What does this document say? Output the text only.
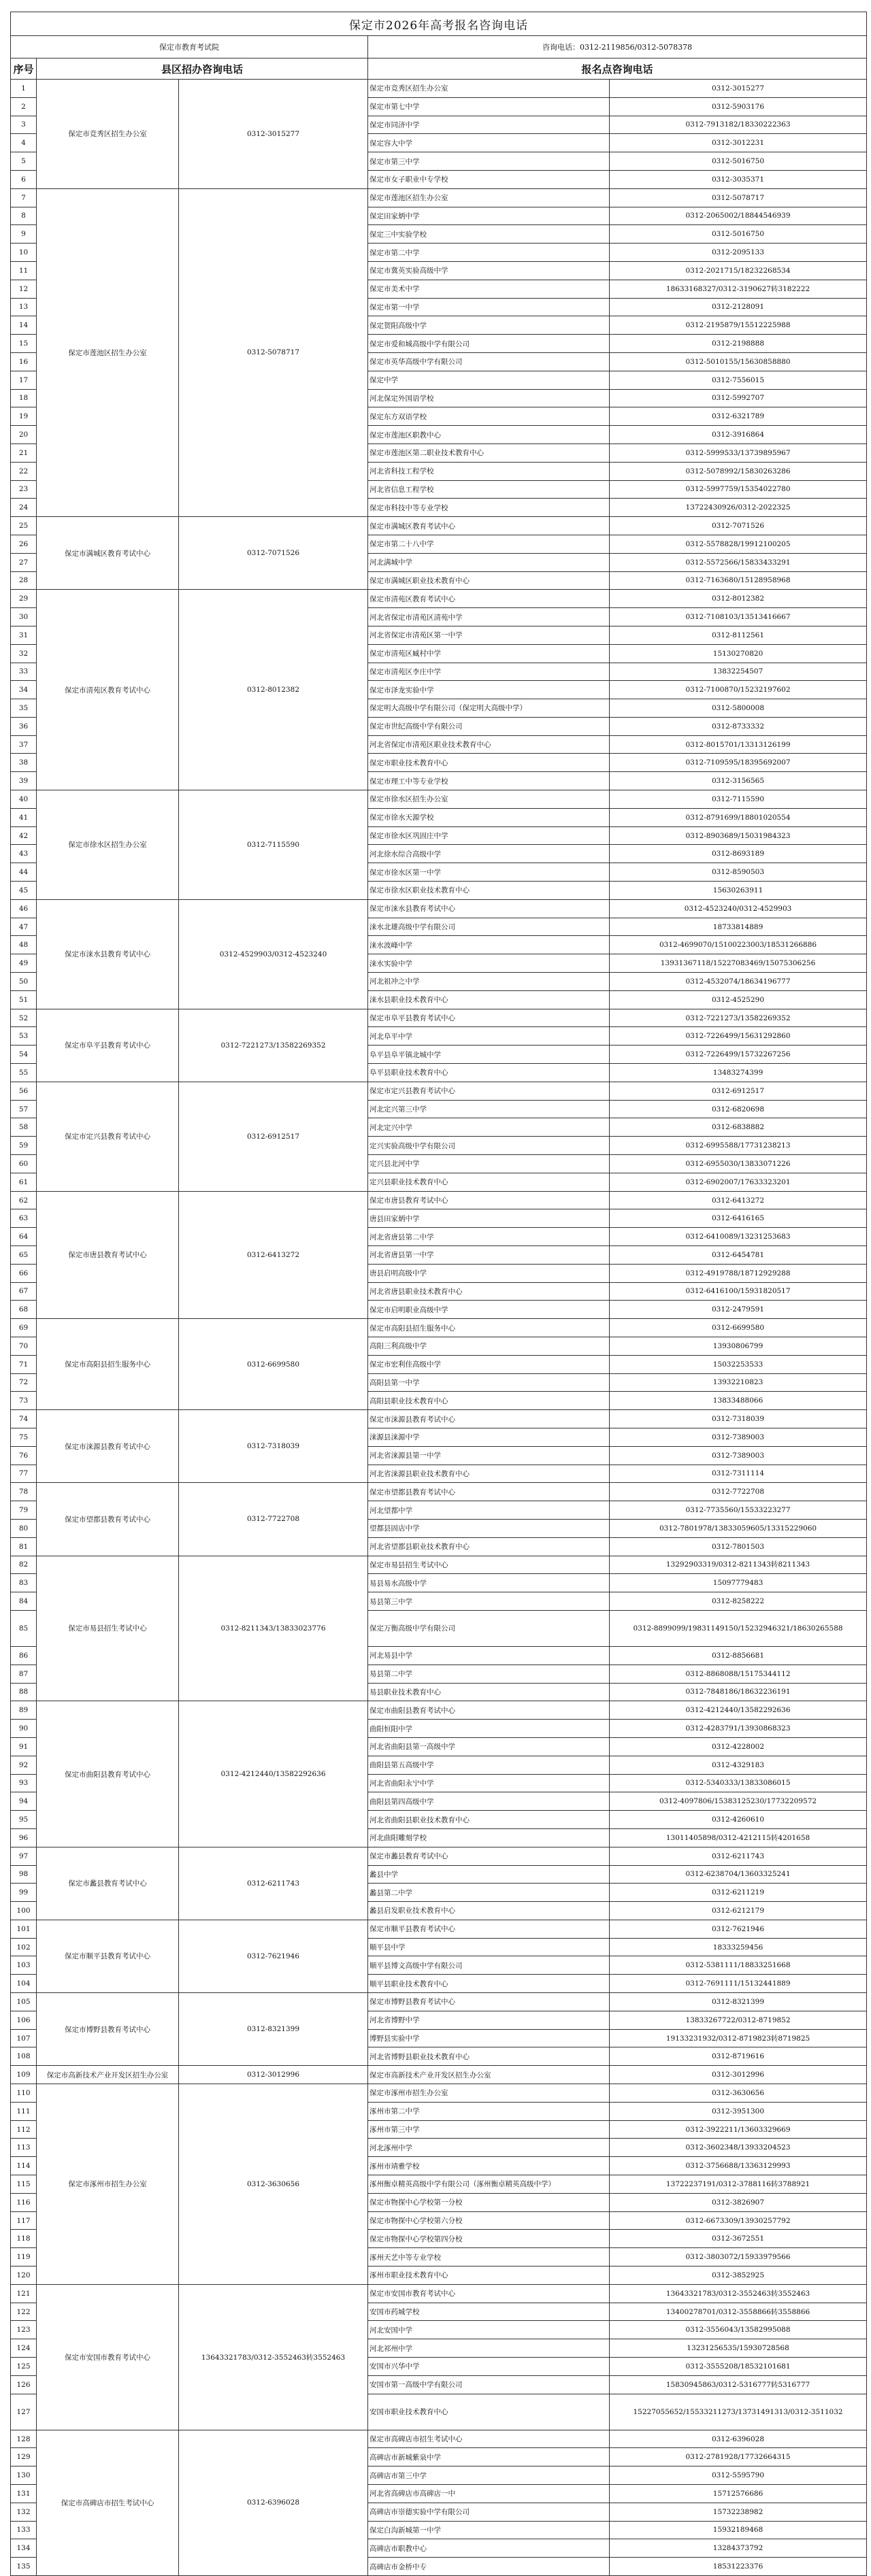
保定市2026年高考报名咨询电话				
保定市教育考试院			咨询电话：0312-2119856/0312-5078378	
序号	县区招办咨询电话		报名点咨询电话	
1	保定市竞秀区招生办公室	0312-3015277	保定市竞秀区招生办公室	0312-3015277
2			保定市第七中学	0312-5903176
3			保定市同济中学	0312-7913182/18330222363
4			保定容大中学	0312-3012231
5			保定市第三中学	0312-5016750
6			保定市女子职业中专学校	0312-3035371
7	保定市莲池区招生办公室	0312-5078717	保定市莲池区招生办公室	0312-5078717
8			保定田家炳中学	0312-2065002/18844546939
9			保定三中实验学校	0312-5016750
10			保定市第二中学	0312-2095133
11			保定市冀英实验高级中学	0312-2021715/18232268534
12			保定市美术中学	18633168327/0312-3190627转3182222
13			保定市第一中学	0312-2128091
14			保定贺阳高级中学	0312-2195879/15512225988
15			保定市爱和城高级中学有限公司	0312-2198888
16			保定市英华高级中学有限公司	0312-5010155/15630858880
17			保定中学	0312-7556015
18			河北保定外国语学校	0312-5992707
19			保定东方双语学校	0312-6321789
20			保定市莲池区职教中心	0312-3916864
21			保定市莲池区第二职业技术教育中心	0312-5999533/13739895967
22			河北省科技工程学校	0312-5078992/15830263286
23			河北省信息工程学校	0312-5997759/15354022780
24			保定市科技中等专业学校	13722430926/0312-2022325
25	保定市满城区教育考试中心	0312-7071526	保定市满城区教育考试中心	0312-7071526
26			保定市第二十八中学	0312-5578828/19912100205
27			河北满城中学	0312-5572566/15833433291
28			保定市满城区职业技术教育中心	0312-7163680/15128958968
29	保定市清苑区教育考试中心	0312-8012382	保定市清苑区教育考试中心	0312-8012382
30			河北省保定市清苑区清苑中学	0312-7108103/13513416667
31			河北省保定市清苑区第一中学	0312-8112561
32			保定市清苑区臧村中学	15130270820
33			保定市清苑区李庄中学	13832254507
34			保定市泽龙实验中学	0312-7100870/15232197602
35			保定明大高级中学有限公司（保定明大高级中学）	0312-5800008
36			保定市世纪高级中学有限公司	0312-8733332
37			河北省保定市清苑区职业技术教育中心	0312-8015701/13313126199
38			保定市职业技术教育中心	0312-7109595/18395692007
39			保定市理工中等专业学校	0312-3156565
40	保定市徐水区招生办公室	0312-7115590	保定市徐水区招生办公室	0312-7115590
41			保定市徐水天源学校	0312-8791699/18801020554
42			保定市徐水区巩固庄中学	0312-8903689/15031984323
43			河北徐水综合高级中学	0312-8693189
44			保定市徐水区第一中学	0312-8590503
45			保定市徐水区职业技术教育中心	15630263911
46	保定市涞水县教育考试中心	0312-4529903/0312-4523240	保定市涞水县教育考试中心	0312-4523240/0312-4529903
47			涞水北雄高级中学有限公司	18733814889
48			涞水波峰中学	0312-4699070/15100223003/18531266886
49			涞水实验中学	13931367118/15227083469/15075306256
50			河北祖冲之中学	0312-4532074/18634196777
51			涞水县职业技术教育中心	0312-4525290
52	保定市阜平县教育考试中心	0312-7221273/13582269352	保定市阜平县教育考试中心	0312-7221273/13582269352
53			河北阜平中学	0312-7226499/15631292860
54			阜平县阜平镇北城中学	0312-7226499/15732267256
55			阜平县职业技术教育中心	13483274399
56	保定市定兴县教育考试中心	0312-6912517	保定市定兴县教育考试中心	0312-6912517
57			河北定兴第三中学	0312-6820698
58			河北定兴中学	0312-6838882
59			定兴实验高级中学有限公司	0312-6995588/17731238213
60			定兴县北河中学	0312-6955030/13833071226
61			定兴县职业技术教育中心	0312-6902007/17633323201
62	保定市唐县教育考试中心	0312-6413272	保定市唐县教育考试中心	0312-6413272
63			唐县田家炳中学	0312-6416165
64			河北省唐县第二中学	0312-6410089/13231253683
65			河北省唐县第一中学	0312-6454781
66			唐县启明高级中学	0312-4919788/18712929288
67			河北省唐县职业技术教育中心	0312-6416100/15931820517
68			保定市启明职业高级中学	0312-2479591
69	保定市高阳县招生服务中心	0312-6699580	保定市高阳县招生服务中心	0312-6699580
70			高阳三利高级中学	13930806799
71			保定市宏利佳高级中学	15032253533
72			高阳县第一中学	13932210823
73			高阳县职业技术教育中心	13833488066
74	保定市涞源县教育考试中心	0312-7318039	保定市涞源县教育考试中心	0312-7318039
75			涞源县涞源中学	0312-7389003
76			河北省涞源县第一中学	0312-7389003
77			河北省涞源县职业技术教育中心	0312-7311114
78	保定市望都县教育考试中心	0312-7722708	保定市望都县教育考试中心	0312-7722708
79			河北望都中学	0312-7735560/15533223277
80			望都县固店中学	0312-7801978/13833059605/13315229060
81			河北省望都县职业技术教育中心	0312-7801503
82	保定市易县招生考试中心	0312-8211343/13833023776	保定市易县招生考试中心	13292903319/0312-8211343转8211343
83			易县易水高级中学	15097779483
84			易县第三中学	0312-8258222
85			保定万衡高级中学有限公司	0312-8899099/19831149150/15232946321/18630265588
86			河北易县中学	0312-8856681
87			易县第二中学	0312-8868088/15175344112
88			易县职业技术教育中心	0312-7848186/18632236191
89	保定市曲阳县教育考试中心	0312-4212440/13582292636	保定市曲阳县教育考试中心	0312-4212440/13582292636
90			曲阳恒阳中学	0312-4283791/13930868323
91			河北省曲阳县第一高级中学	0312-4228002
92			曲阳县第五高级中学	0312-4329183
93			河北省曲阳永宁中学	0312-5340333/13833086015
94			曲阳县第四高级中学	0312-4097806/15383125230/17732209572
95			河北省曲阳县职业技术教育中心	0312-4260610
96			河北曲阳雕刻学校	13011405898/0312-4212115转4201658
97	保定市蠡县教育考试中心	0312-6211743	保定市蠡县教育考试中心	0312-6211743
98			蠡县中学	0312-6238704/13603325241
99			蠡县第二中学	0312-6211219
100			蠡县启发职业技术教育中心	0312-6212179
101	保定市顺平县教育考试中心	0312-7621946	保定市顺平县教育考试中心	0312-7621946
102			顺平县中学	18333259456
103			顺平县博文高级中学有限公司	0312-5381111/18833251668
104			顺平县职业技术教育中心	0312-7691111/15132441889
105	保定市博野县教育考试中心	0312-8321399	保定市博野县教育考试中心	0312-8321399
106			河北省博野中学	13833267722/0312-8719852
107			博野县实验中学	19133231932/0312-8719823转8719825
108			河北省博野县职业技术教育中心	0312-8719616
109	保定市高新技术产业开发区招生办公室	0312-3012996	保定市高新技术产业开发区招生办公室	0312-3012996
110	保定市涿州市招生办公室	0312-3630656	保定市涿州市招生办公室	0312-3630656
111			涿州市第二中学	0312-3951300
112			涿州市第三中学	0312-3922211/13603329669
113			河北涿州中学	0312-3602348/13933204523
114			涿州市靖雅学校	0312-3756688/13363129993
115			涿州衡卓精英高级中学有限公司（涿州衡卓精英高级中学）	13722237191/0312-3788116转3788921
116			保定市物探中心学校第一分校	0312-3826907
117			保定市物探中心学校第六分校	0312-6673309/13930257792
118			保定市物探中心学校第四分校	0312-3672551
119			涿州天艺中等专业学校	0312-3803072/15933979566
120			涿州市职业技术教育中心	0312-3852925
121	保定市安国市教育考试中心	13643321783/0312-3552463转3552463	保定市安国市教育考试中心	13643321783/0312-3552463转3552463
122			安国市药城学校	13400278701/0312-3558866转3558866
123			河北安国中学	0312-3556043/13582995088
124			河北祁州中学	13231256535/15930728568
125			安国市兴华中学	0312-3555208/18532101681
126			安国市第一高级中学有限公司	15830945863/0312-5316777转5316777
127			安国市职业技术教育中心	15227055652/15533211273/13731491313/0312-3511032
128	保定市高碑店市招生考试中心	0312-6396028	保定市高碑店市招生考试中心	0312-6396028
129			高碑店市新城紫泉中学	0312-2781928/17732664315
130			高碑店市第三中学	0312-5595790
131			河北省高碑店市高碑店一中	15712576686
132			高碑店市崇德实验中学有限公司	15732238982
133			保定白沟新城第一中学	15932189468
134			高碑店市职教中心	13284373792
135			高碑店市金桥中专	18531223376
